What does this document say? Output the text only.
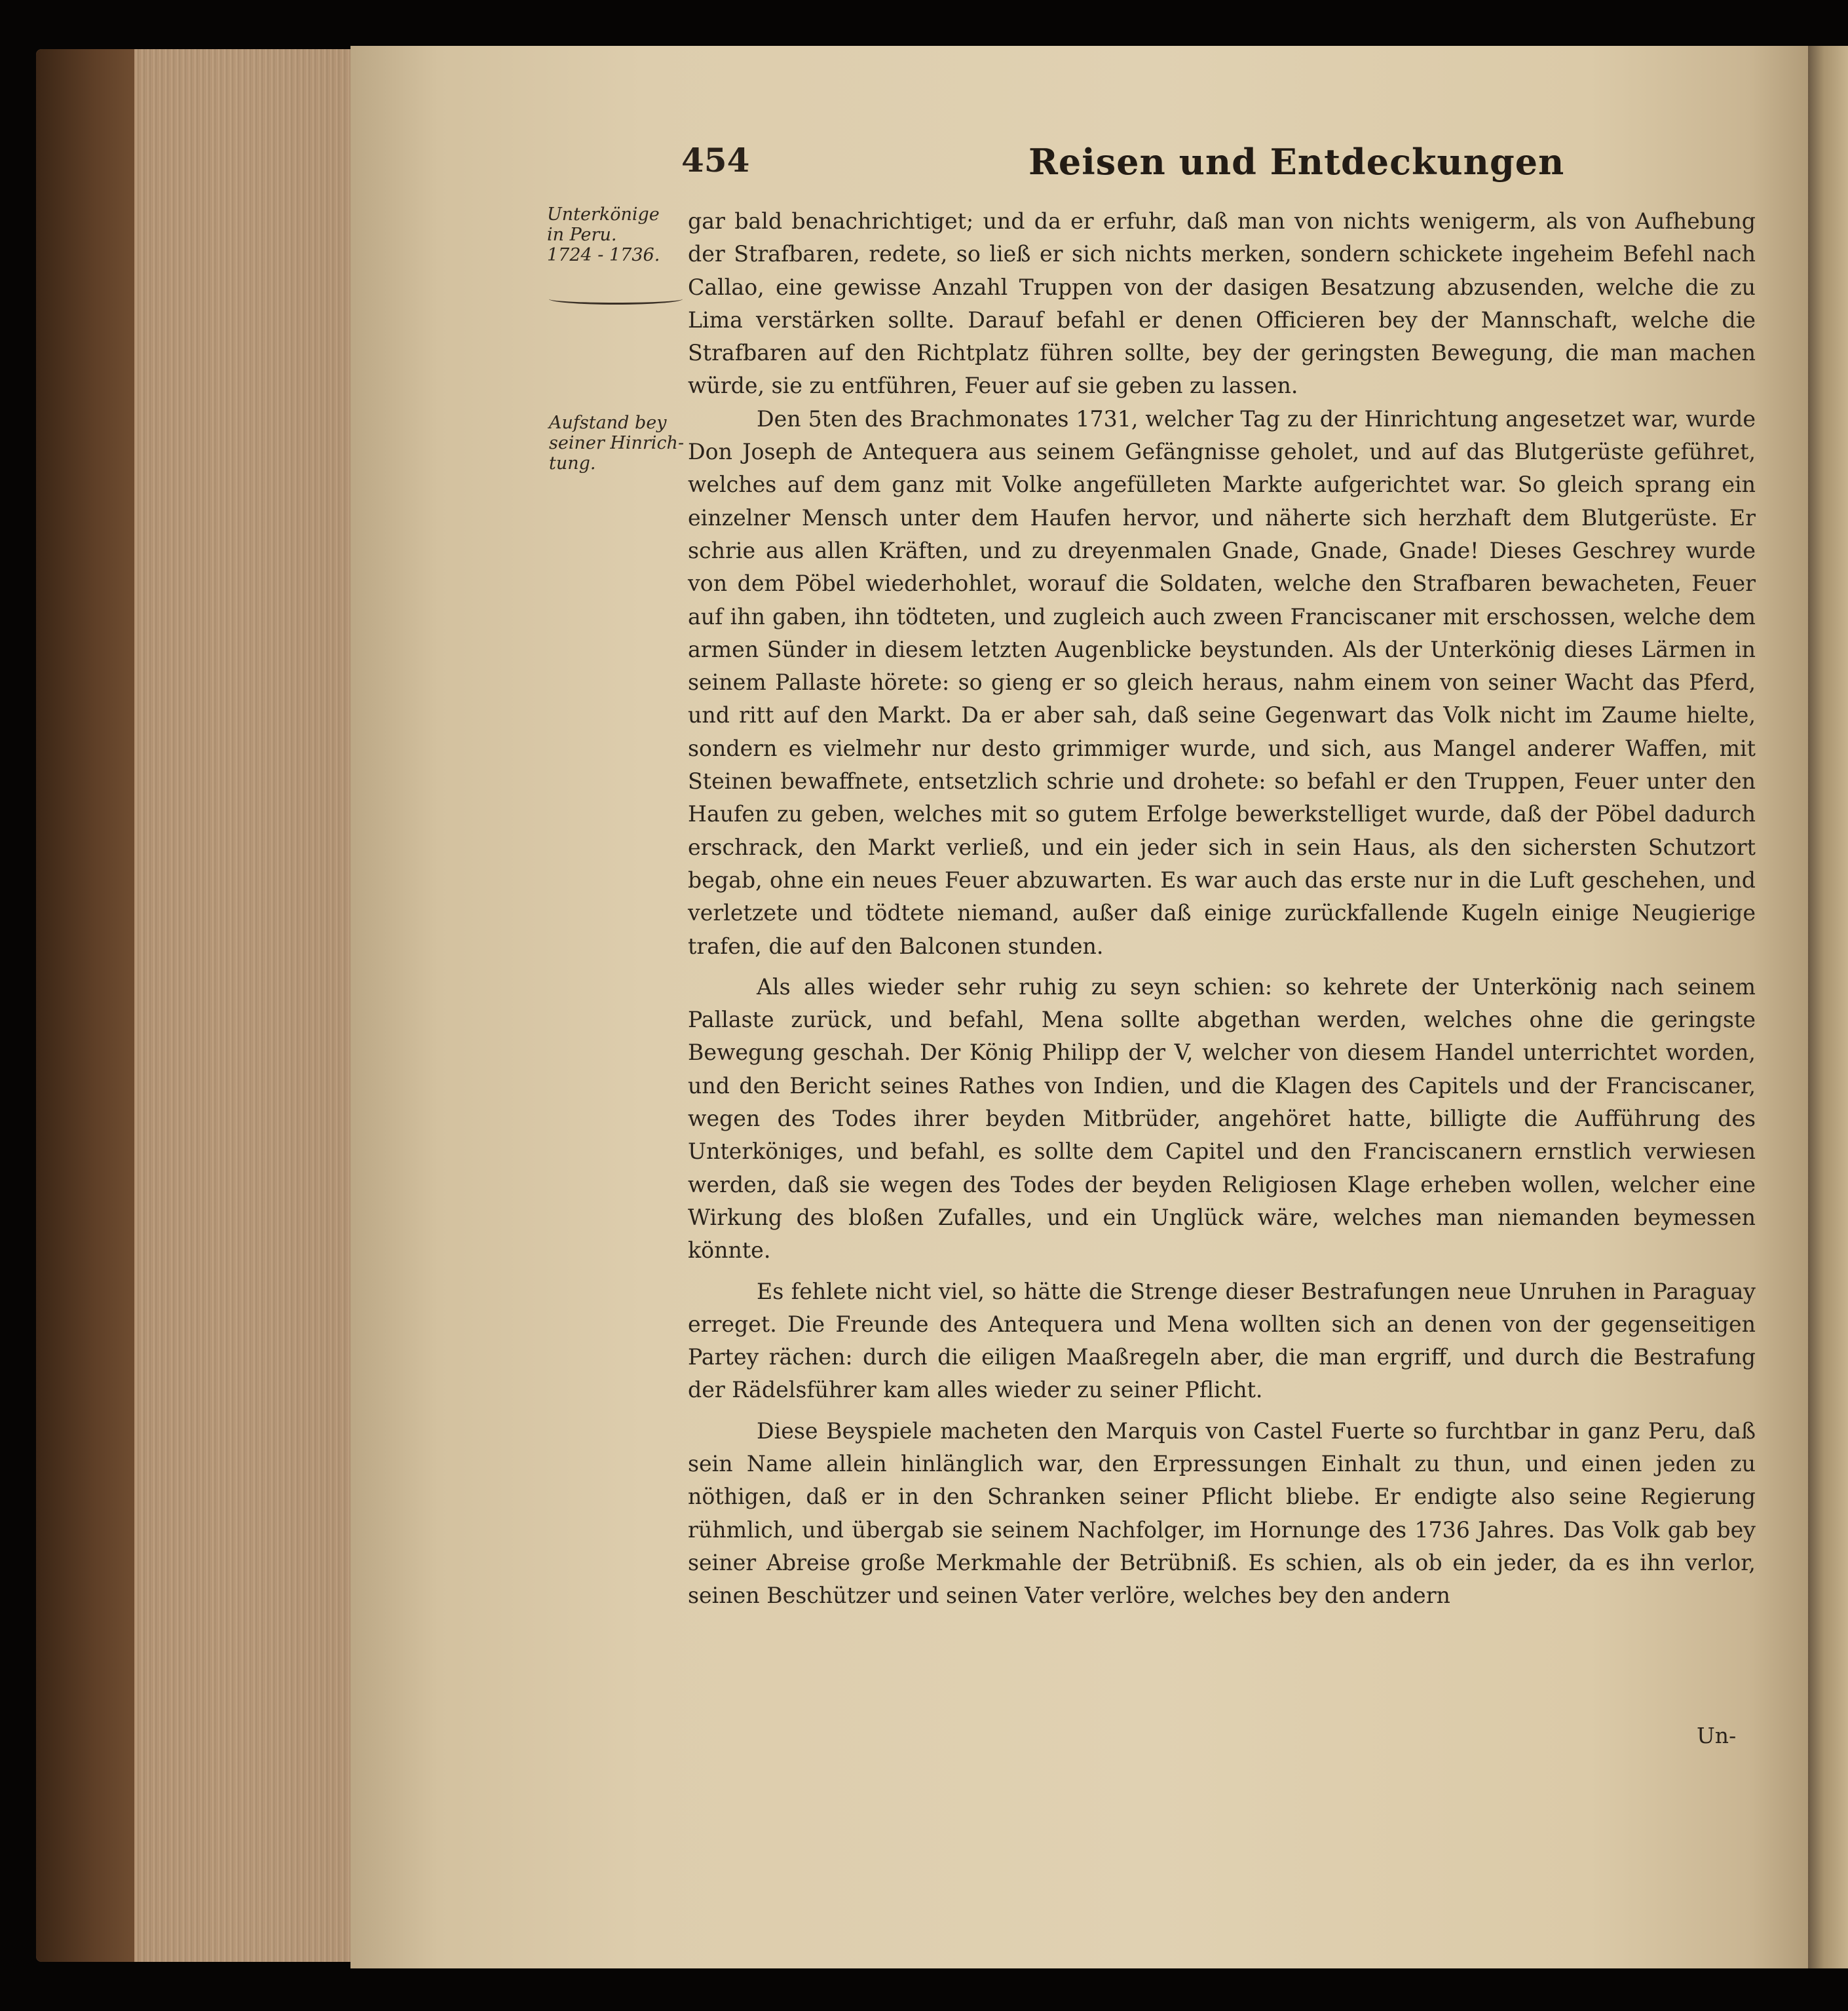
454	Reisen und Entdeckungen
Unterkönige
in Peru.
1724 - 1736.
Aufstand bey
seiner Hinrich-
tung.

gar bald benachrichtiget; und da er erfuhr, daß man von nichts wenigerm, als von Aufhebung der Strafbaren, redete, so ließ er sich nichts merken, sondern schickete ingeheim Befehl nach Callao, eine gewisse Anzahl Truppen von der dasigen Besatzung abzusenden, welche die zu Lima verstärken sollte. Darauf befahl er denen Officieren bey der Mannschaft, welche die Strafbaren auf den Richtplatz führen sollte, bey der geringsten Bewegung, die man machen würde, sie zu entführen, Feuer auf sie geben zu lassen.

Den 5ten des Brachmonates 1731, welcher Tag zu der Hinrichtung angesetzet war, wurde Don Joseph de Antequera aus seinem Gefängnisse geholet, und auf das Blutgerüste geführet, welches auf dem ganz mit Volke angefülleten Markte aufgerichtet war. So gleich sprang ein einzelner Mensch unter dem Haufen hervor, und näherte sich herzhaft dem Blutgerüste. Er schrie aus allen Kräften, und zu dreyenmalen Gnade, Gnade, Gnade! Dieses Geschrey wurde von dem Pöbel wiederhohlet, worauf die Soldaten, welche den Strafbaren bewacheten, Feuer auf ihn gaben, ihn tödteten, und zugleich auch zween Franciscaner mit erschossen, welche dem armen Sünder in diesem letzten Augenblicke beystunden. Als der Unterkönig dieses Lärmen in seinem Pallaste hörete: so gieng er so gleich heraus, nahm einem von seiner Wacht das Pferd, und ritt auf den Markt. Da er aber sah, daß seine Gegenwart das Volk nicht im Zaume hielte, sondern es vielmehr nur desto grimmiger wurde, und sich, aus Mangel anderer Waffen, mit Steinen bewaffnete, entsetzlich schrie und drohete: so befahl er den Truppen, Feuer unter den Haufen zu geben, welches mit so gutem Erfolge bewerkstelliget wurde, daß der Pöbel dadurch erschrack, den Markt verließ, und ein jeder sich in sein Haus, als den sichersten Schutzort begab, ohne ein neues Feuer abzuwarten. Es war auch das erste nur in die Luft geschehen, und verletzete und tödtete niemand, außer daß einige zurückfallende Kugeln einige Neugierige trafen, die auf den Balconen stunden.

Als alles wieder sehr ruhig zu seyn schien: so kehrete der Unterkönig nach seinem Pallaste zurück, und befahl, Mena sollte abgethan werden, welches ohne die geringste Bewegung geschah. Der König Philipp der V, welcher von diesem Handel unterrichtet worden, und den Bericht seines Rathes von Indien, und die Klagen des Capitels und der Franciscaner, wegen des Todes ihrer beyden Mitbrüder, angehöret hatte, billigte die Aufführung des Unterköniges, und befahl, es sollte dem Capitel und den Franciscanern ernstlich verwiesen werden, daß sie wegen des Todes der beyden Religiosen Klage erheben wollen, welcher eine Wirkung des bloßen Zufalles, und ein Unglück wäre, welches man niemanden beymessen könnte.

Es fehlete nicht viel, so hätte die Strenge dieser Bestrafungen neue Unruhen in Paraguay erreget. Die Freunde des Antequera und Mena wollten sich an denen von der gegenseitigen Partey rächen: durch die eiligen Maaßregeln aber, die man ergriff, und durch die Bestrafung der Rädelsführer kam alles wieder zu seiner Pflicht.

Diese Beyspiele macheten den Marquis von Castel Fuerte so furchtbar in ganz Peru, daß sein Name allein hinlänglich war, den Erpressungen Einhalt zu thun, und einen jeden zu nöthigen, daß er in den Schranken seiner Pflicht bliebe. Er endigte also seine Regierung rühmlich, und übergab sie seinem Nachfolger, im Hornunge des 1736 Jahres. Das Volk gab bey seiner Abreise große Merkmahle der Betrübniß. Es schien, als ob ein jeder, da es ihn verlor, seinen Beschützer und seinen Vater verlöre, welches bey den andern

Un-
